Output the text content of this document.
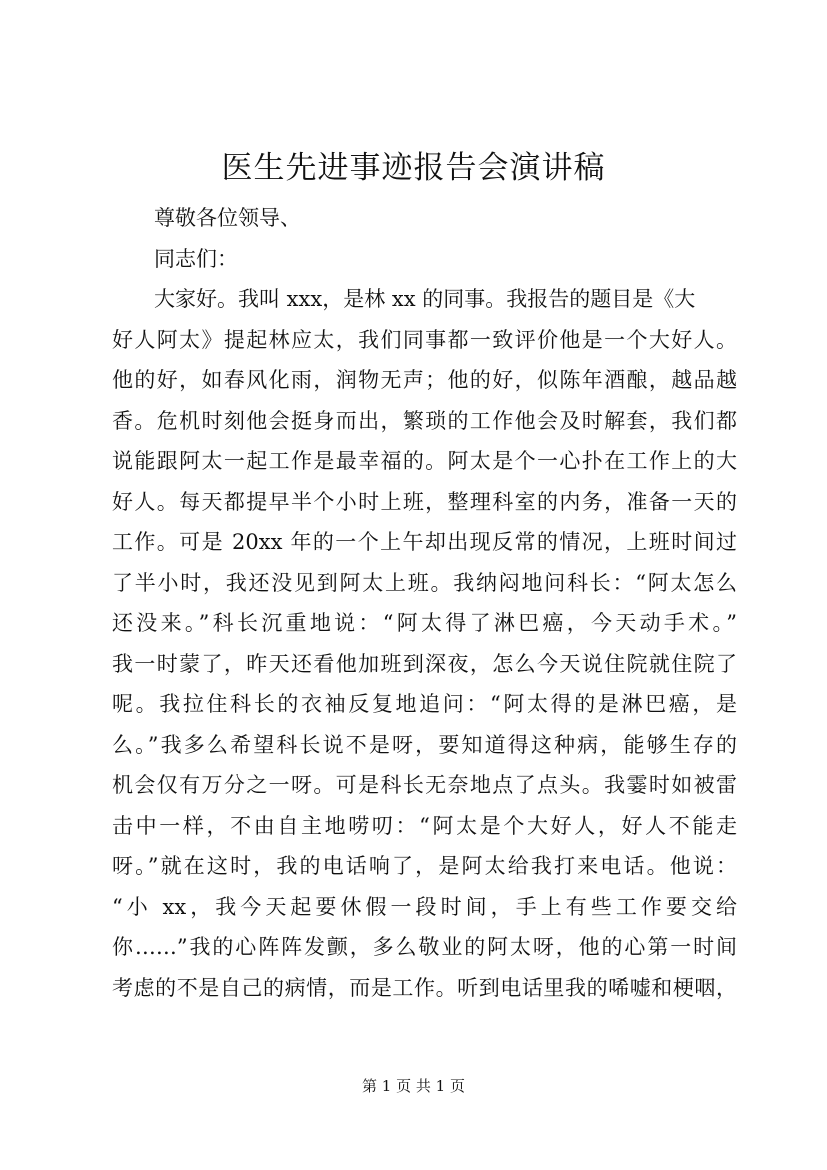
医生先进事迹报告会演讲稿
尊敬各位领导、
同志们：
大家好。我叫 xxx，是林 xx 的同事。我报告的题目是《大
好人阿太》提起林应太，我们同事都一致评价他是一个大好人。
他的好，如春风化雨，润物无声；他的好，似陈年酒酿，越品越
香。危机时刻他会挺身而出，繁琐的工作他会及时解套，我们都
说能跟阿太一起工作是最幸福的。阿太是个一心扑在工作上的大
好人。每天都提早半个小时上班，整理科室的内务，准备一天的
工作。可是 20xx 年的一个上午却出现反常的情况，上班时间过
了半小时，我还没见到阿太上班。我纳闷地问科长：“阿太怎么
还没来。”科长沉重地说：“阿太得了淋巴癌，今天动手术。”
我一时蒙了，昨天还看他加班到深夜，怎么今天说住院就住院了
呢。我拉住科长的衣袖反复地追问：“阿太得的是淋巴癌，是
么。”我多么希望科长说不是呀，要知道得这种病，能够生存的
机会仅有万分之一呀。可是科长无奈地点了点头。我霎时如被雷
击中一样，不由自主地唠叨：“阿太是个大好人，好人不能走
呀。”就在这时，我的电话响了，是阿太给我打来电话。他说：
“小 xx，我今天起要休假一段时间，手上有些工作要交给
你……”我的心阵阵发颤，多么敬业的阿太呀，他的心第一时间
考虑的不是自己的病情，而是工作。听到电话里我的唏嘘和梗咽，
第 1 页 共 1 页
